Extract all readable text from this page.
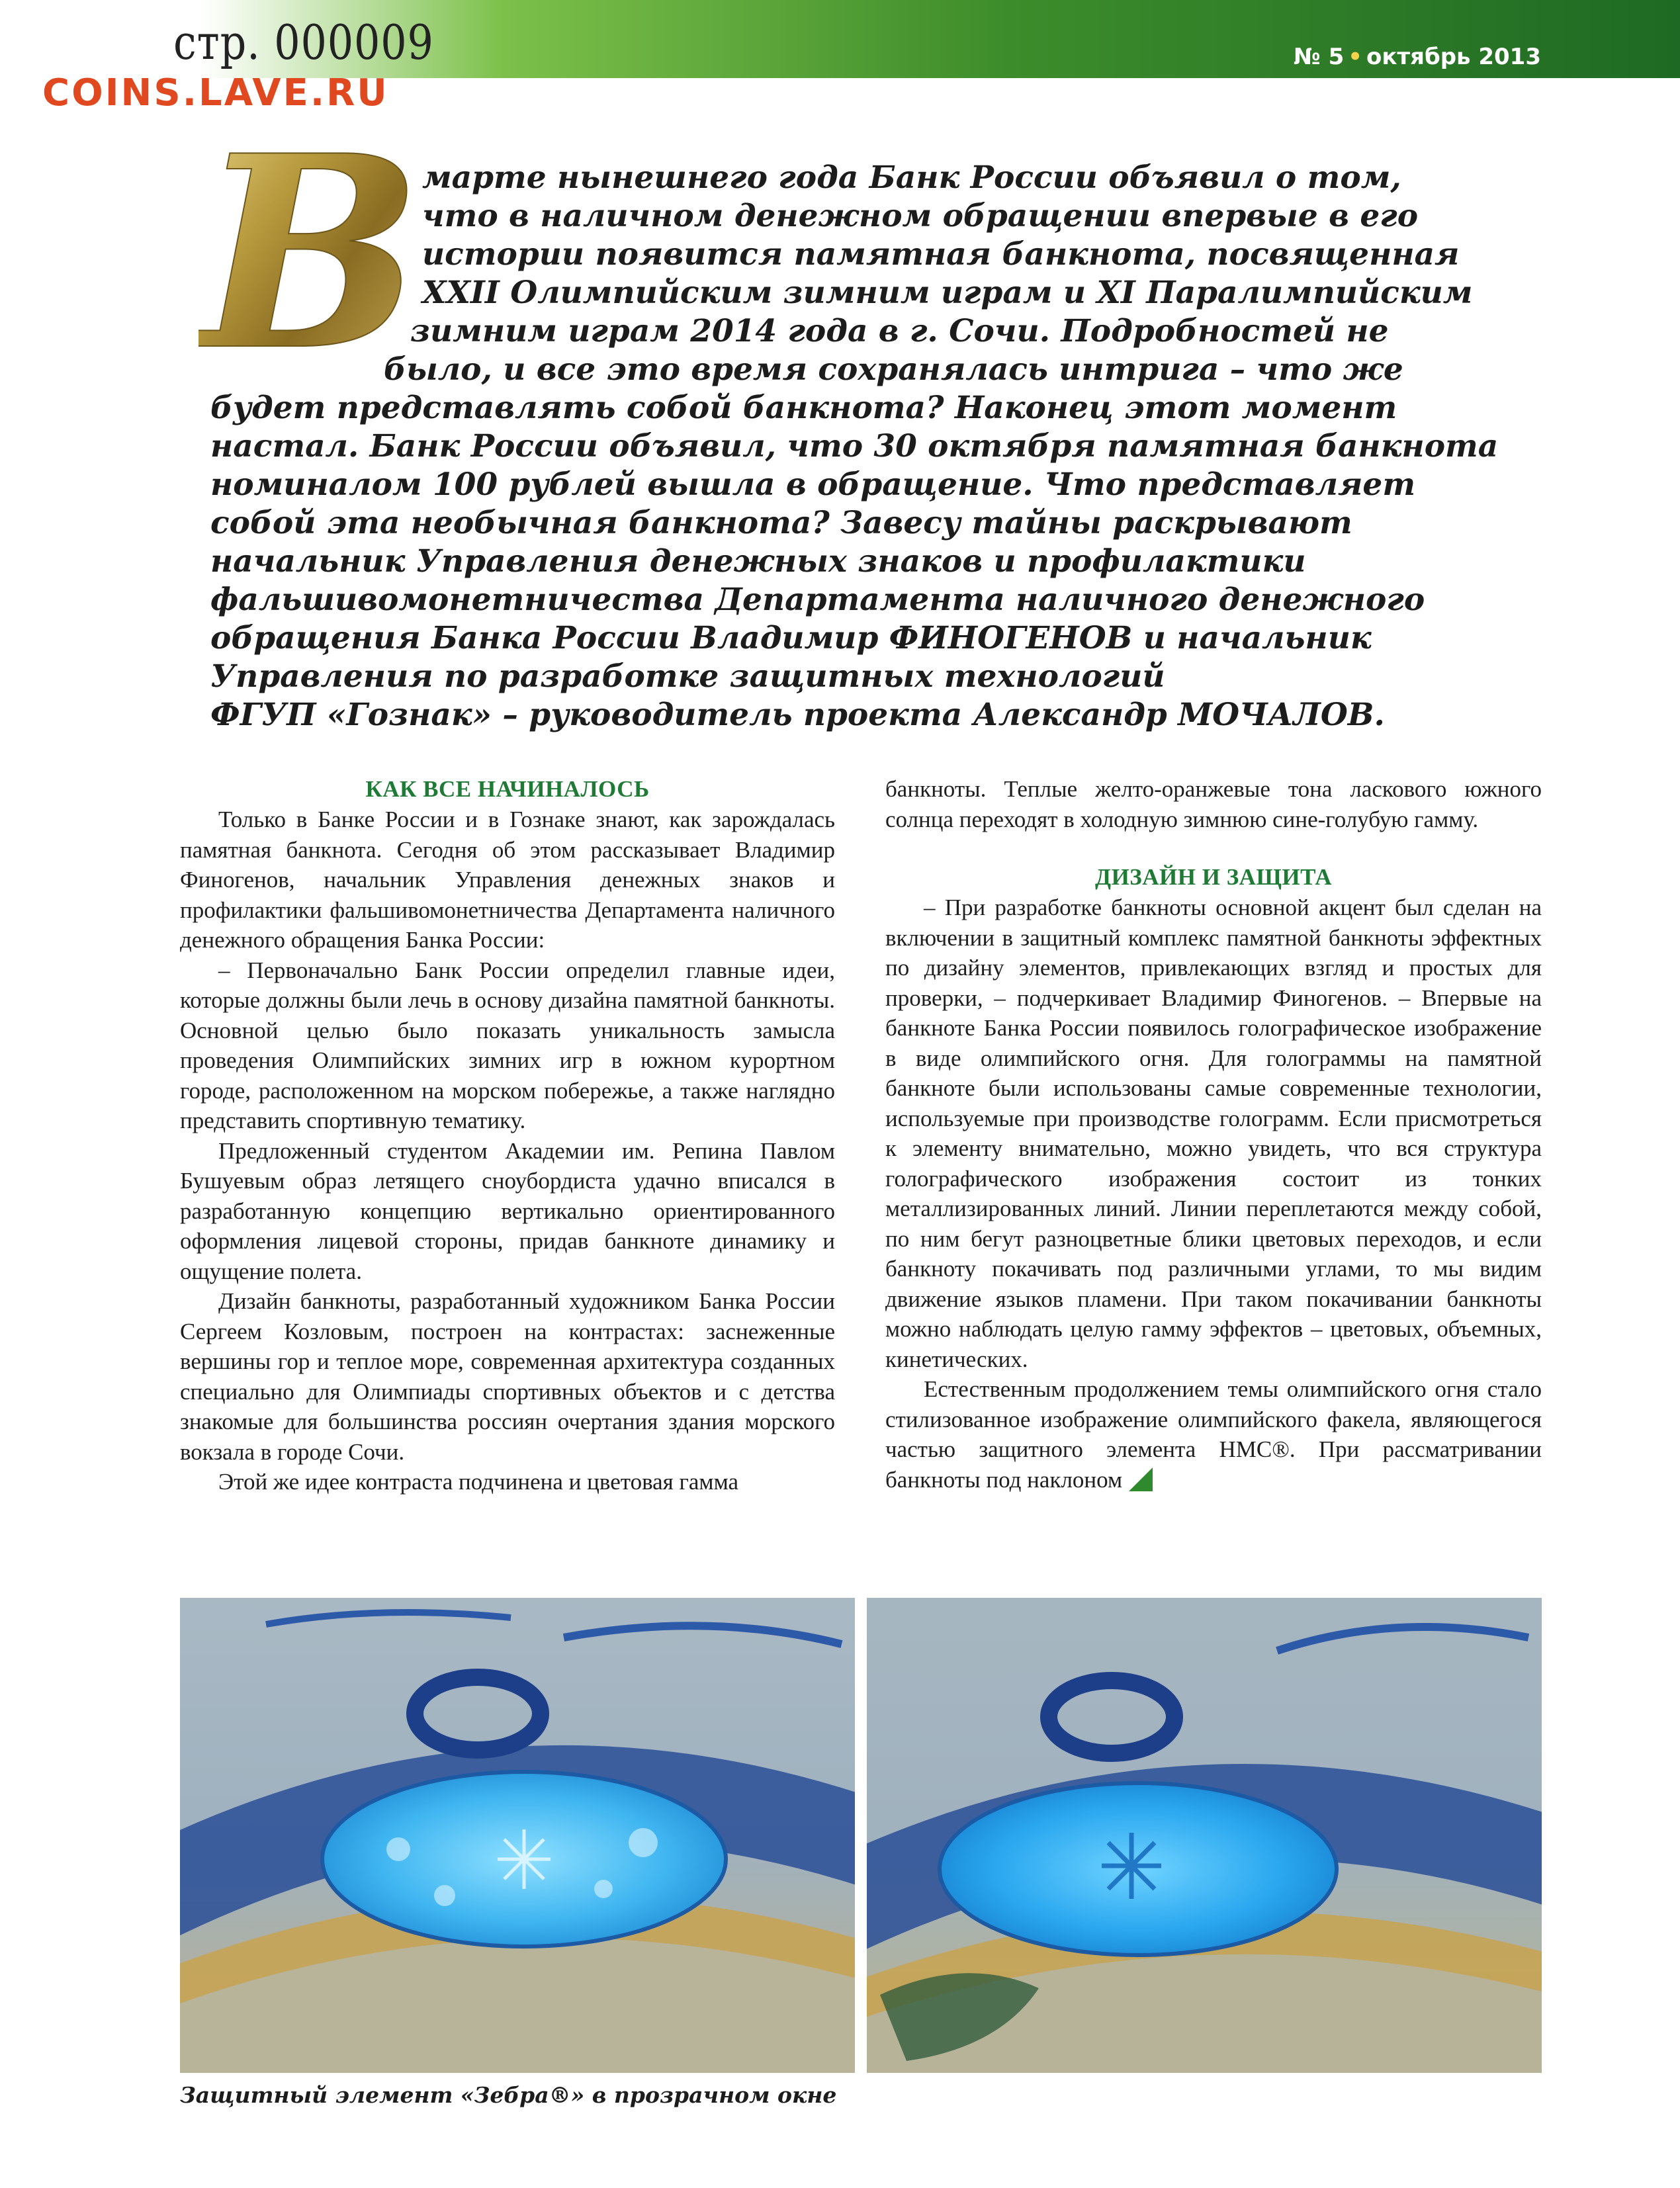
стр. 000009
COINS.LAVE.RU
№ 5 • октябрь 2013
В марте нынешнего года Банк России объявил о том,
что в наличном денежном обращении впервые в его
истории появится памятная банкнота, посвященная
XXII Олимпийским зимним играм и XI Паралимпийским
зимним играм 2014 года в г. Сочи. Подробностей не
было, и все это время сохранялась интрига – что же
будет представлять собой банкнота? Наконец этот момент
настал. Банк России объявил, что 30 октября памятная банкнота
номиналом 100 рублей вышла в обращение. Что представляет
собой эта необычная банкнота? Завесу тайны раскрывают
начальник Управления денежных знаков и профилактики
фальшивомонетничества Департамента наличного денежного
обращения Банка России Владимир ФИНОГЕНОВ и начальник
Управления по разработке защитных технологий
ФГУП «Гознак» – руководитель проекта Александр МОЧАЛОВ.
КАК ВСЕ НАЧИНАЛОСЬ

Только в Банке России и в Гознаке знают, как зарождалась памятная банкнота. Сегодня об этом рассказывает Владимир Финогенов, начальник Управления денежных знаков и профилактики фальшивомонетничества Департамента наличного денежного обращения Банка России:

– Первоначально Банк России определил главные идеи, которые должны были лечь в основу дизайна памятной банкноты. Основной целью было показать уникальность замысла проведения Олимпийских зимних игр в южном курортном городе, расположенном на морском побережье, а также наглядно представить спортивную тематику.

Предложенный студентом Академии им. Репина Павлом Бушуевым образ летящего сноубордиста удачно вписался в разработанную концепцию вертикально ориентированного оформления лицевой стороны, придав банкноте динамику и ощущение полета.

Дизайн банкноты, разработанный художником Банка России Сергеем Козловым, построен на контрастах: заснеженные вершины гор и теплое море, современная архитектура созданных специально для Олимпиады спортивных объектов и с детства знакомые для большинства россиян очертания здания морского вокзала в городе Сочи.

Этой же идее контраста подчинена и цветовая гамма

банкноты. Теплые желто-оранжевые тона ласкового южного солнца переходят в холодную зимнюю сине-голубую гамму.

ДИЗАЙН И ЗАЩИТА

– При разработке банкноты основной акцент был сделан на включении в защитный комплекс памятной банкноты эффектных по дизайну элементов, привлекающих взгляд и простых для проверки, – подчеркивает Владимир Финогенов. – Впервые на банкноте Банка России появилось голографическое изображение в виде олимпийского огня. Для голограммы на памятной банкноте были использованы самые современные технологии, используемые при производстве голограмм. Если присмотреться к элементу внимательно, можно увидеть, что вся структура голографического изображения состоит из тонких металлизированных линий. Линии переплетаются между собой, по ним бегут разноцветные блики цветовых переходов, и если банкноту покачивать под различными углами, то мы видим движение языков пламени. При таком покачивании банкноты можно наблюдать целую гамму эффектов – цветовых, объемных, кинетических.

Естественным продолжением темы олимпийского огня стало стилизованное изображение олимпийского факела, являющегося частью защитного элемента НМС®. При рассматривании банкноты под наклоном

Защитный элемент «Зебра®» в прозрачном окне
